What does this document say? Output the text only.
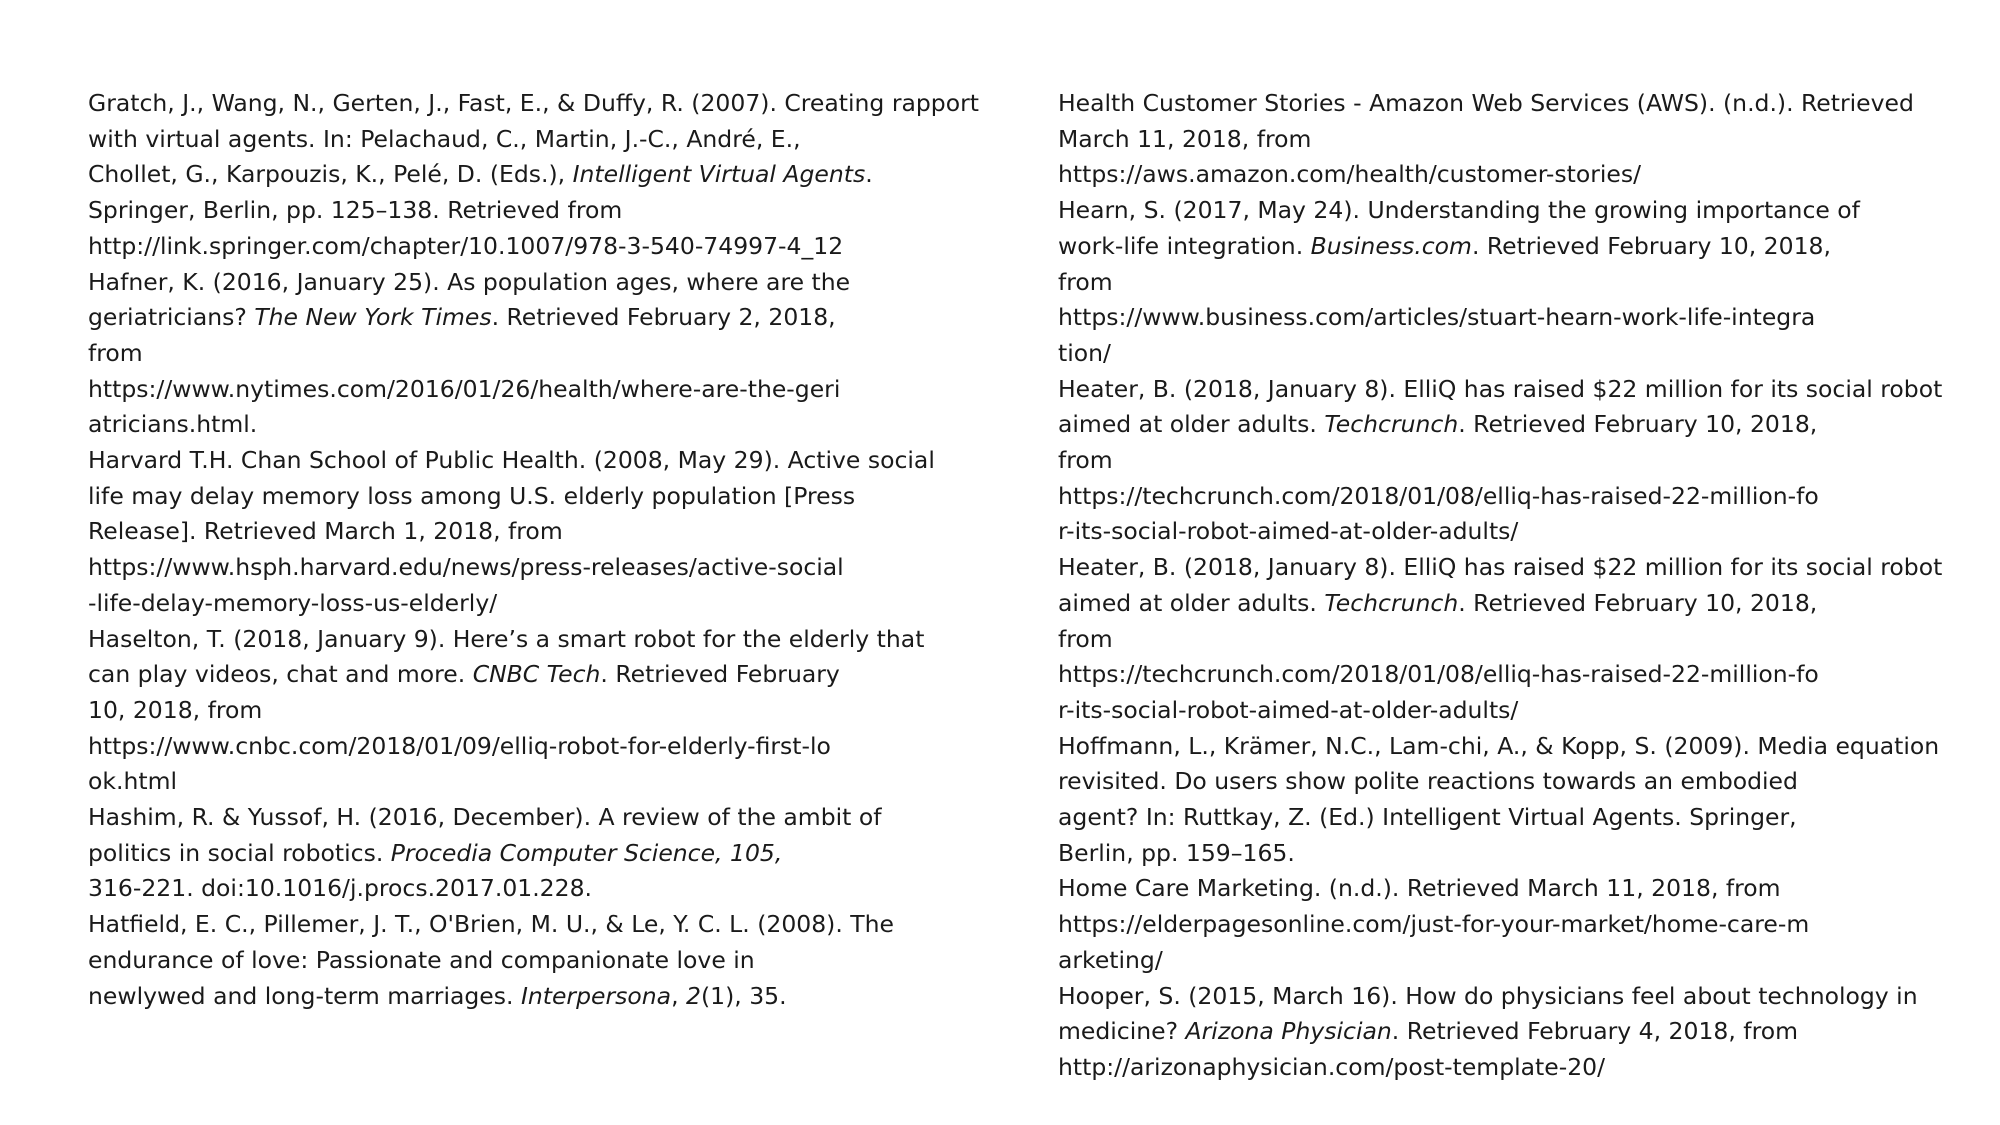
Gratch, J., Wang, N., Gerten, J., Fast, E., & Duffy, R. (2007). Creating rapport
with virtual agents. In: Pelachaud, C., Martin, J.-C., André, E.,
Chollet, G., Karpouzis, K., Pelé, D. (Eds.), Intelligent Virtual Agents.
Springer, Berlin, pp. 125–138. Retrieved from
http://link.springer.com/chapter/10.1007/978-3-540-74997-4_12
Hafner, K. (2016, January 25). As population ages, where are the
geriatricians? The New York Times. Retrieved February 2, 2018,
from
https://www.nytimes.com/2016/01/26/health/where-are-the-geri
atricians.html.
Harvard T.H. Chan School of Public Health. (2008, May 29). Active social
life may delay memory loss among U.S. elderly population [Press
Release]. Retrieved March 1, 2018, from
https://www.hsph.harvard.edu/news/press-releases/active-social
-life-delay-memory-loss-us-elderly/
Haselton, T. (2018, January 9). Here’s a smart robot for the elderly that
can play videos, chat and more. CNBC Tech. Retrieved February
10, 2018, from
https://www.cnbc.com/2018/01/09/elliq-robot-for-elderly-first-lo
ok.html
Hashim, R. & Yussof, H. (2016, December). A review of the ambit of
politics in social robotics. Procedia Computer Science, 105,
316-221. doi:10.1016/j.procs.2017.01.228.
Hatfield, E. C., Pillemer, J. T., O'Brien, M. U., & Le, Y. C. L. (2008). The
endurance of love: Passionate and companionate love in
newlywed and long-term marriages. Interpersona, 2(1), 35.
Health Customer Stories - Amazon Web Services (AWS). (n.d.). Retrieved
March 11, 2018, from
https://aws.amazon.com/health/customer-stories/
Hearn, S. (2017, May 24). Understanding the growing importance of
work-life integration. Business.com. Retrieved February 10, 2018,
from
https://www.business.com/articles/stuart-hearn-work-life-integra
tion/
Heater, B. (2018, January 8). ElliQ has raised $22 million for its social robot
aimed at older adults. Techcrunch. Retrieved February 10, 2018,
from
https://techcrunch.com/2018/01/08/elliq-has-raised-22-million-fo
r-its-social-robot-aimed-at-older-adults/
Heater, B. (2018, January 8). ElliQ has raised $22 million for its social robot
aimed at older adults. Techcrunch. Retrieved February 10, 2018,
from
https://techcrunch.com/2018/01/08/elliq-has-raised-22-million-fo
r-its-social-robot-aimed-at-older-adults/
Hoffmann, L., Krämer, N.C., Lam-chi, A., & Kopp, S. (2009). Media equation
revisited. Do users show polite reactions towards an embodied
agent? In: Ruttkay, Z. (Ed.) Intelligent Virtual Agents. Springer,
Berlin, pp. 159–165.
Home Care Marketing. (n.d.). Retrieved March 11, 2018, from
https://elderpagesonline.com/just-for-your-market/home-care-m
arketing/
Hooper, S. (2015, March 16). How do physicians feel about technology in
medicine? Arizona Physician. Retrieved February 4, 2018, from
http://arizonaphysician.com/post-template-20/
